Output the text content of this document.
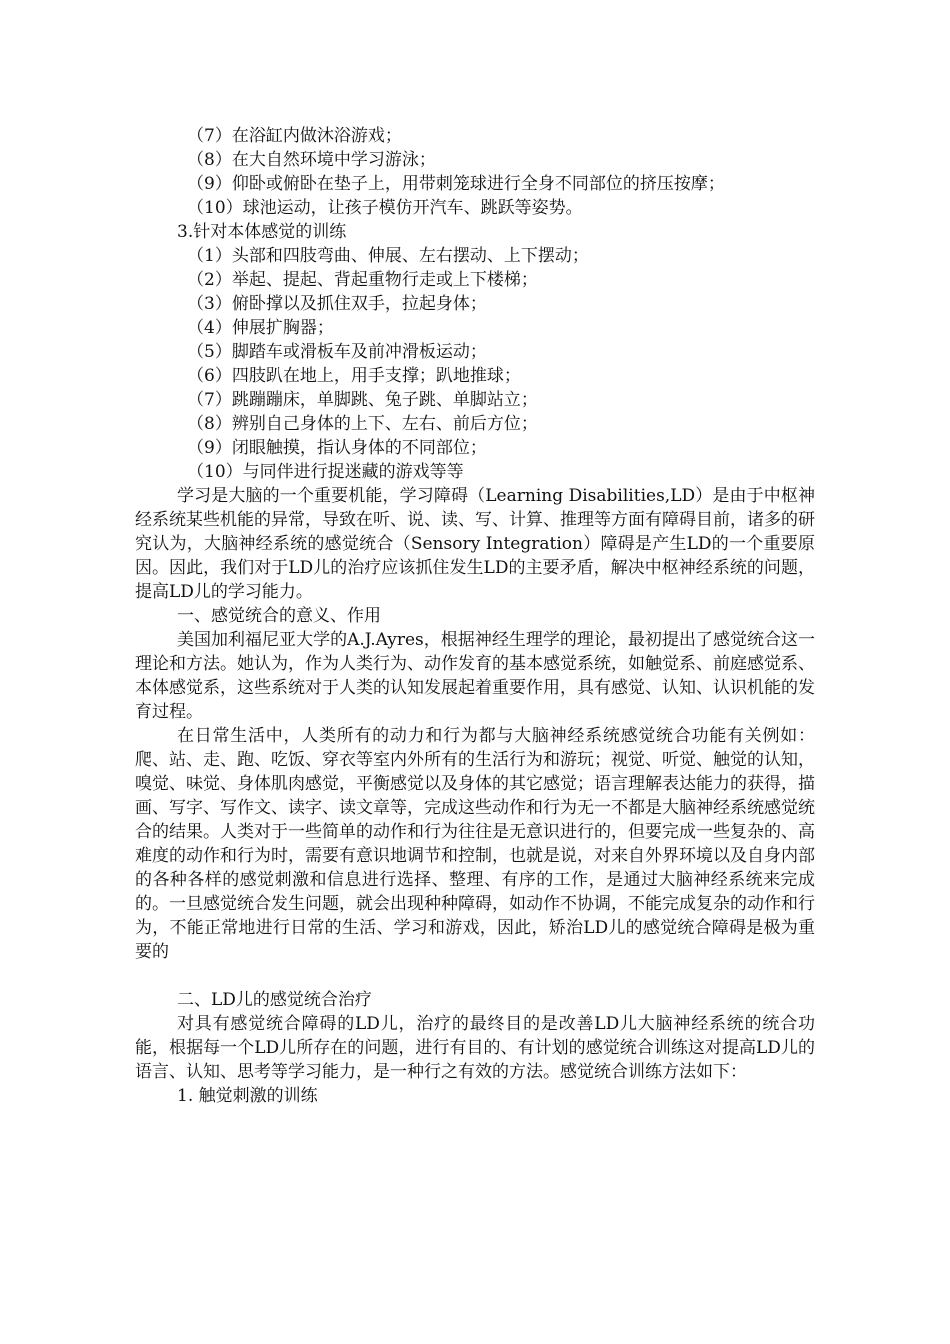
（7）在浴缸内做沐浴游戏；
（8）在大自然环境中学习游泳；
（9）仰卧或俯卧在垫子上，用带刺笼球进行全身不同部位的挤压按摩；
（10）球池运动，让孩子模仿开汽车、跳跃等姿势。
3.针对本体感觉的训练
（1）头部和四肢弯曲、伸展、左右摆动、上下摆动；
（2）举起、提起、背起重物行走或上下楼梯；
（3）俯卧撑以及抓住双手，拉起身体；
（4）伸展扩胸器；
（5）脚踏车或滑板车及前冲滑板运动；
（6）四肢趴在地上，用手支撑；趴地推球；
（7）跳蹦蹦床，单脚跳、兔子跳、单脚站立；
（8）辨别自己身体的上下、左右、前后方位；
（9）闭眼触摸，指认身体的不同部位；
（10）与同伴进行捉迷藏的游戏等等

学习是大脑的一个重要机能，学习障碍（Learning Disabilities,LD）是由于中枢神经系统某些机能的异常，导致在听、说、读、写、计算、推理等方面有障碍目前，诸多的研究认为，大脑神经系统的感觉统合（Sensory Integration）障碍是产生LD的一个重要原因。因此，我们对于LD儿的治疗应该抓住发生LD的主要矛盾，解决中枢神经系统的问题，提高LD儿的学习能力。

一、感觉统合的意义、作用

美国加利福尼亚大学的A.J.Ayres，根据神经生理学的理论，最初提出了感觉统合这一理论和方法。她认为，作为人类行为、动作发育的基本感觉系统，如触觉系、前庭感觉系、本体感觉系，这些系统对于人类的认知发展起着重要作用，具有感觉、认知、认识机能的发育过程。

在日常生活中，人类所有的动力和行为都与大脑神经系统感觉统合功能有关例如：爬、站、走、跑、吃饭、穿衣等室内外所有的生活行为和游玩；视觉、听觉、触觉的认知，嗅觉、味觉、身体肌肉感觉，平衡感觉以及身体的其它感觉；语言理解表达能力的获得，描画、写字、写作文、读字、读文章等，完成这些动作和行为无一不都是大脑神经系统感觉统合的结果。人类对于一些简单的动作和行为往往是无意识进行的，但要完成一些复杂的、高难度的动作和行为时，需要有意识地调节和控制，也就是说，对来自外界环境以及自身内部的各种各样的感觉刺激和信息进行选择、整理、有序的工作，是通过大脑神经系统来完成的。一旦感觉统合发生问题，就会出现种种障碍，如动作不协调，不能完成复杂的动作和行为，不能正常地进行日常的生活、学习和游戏，因此，矫治LD儿的感觉统合障碍是极为重要的

二、LD儿的感觉统合治疗

对具有感觉统合障碍的LD儿，治疗的最终目的是改善LD儿大脑神经系统的统合功能，根据每一个LD儿所存在的问题，进行有目的、有计划的感觉统合训练这对提高LD儿的语言、认知、思考等学习能力，是一种行之有效的方法。感觉统合训练方法如下：

1. 触觉刺激的训练
